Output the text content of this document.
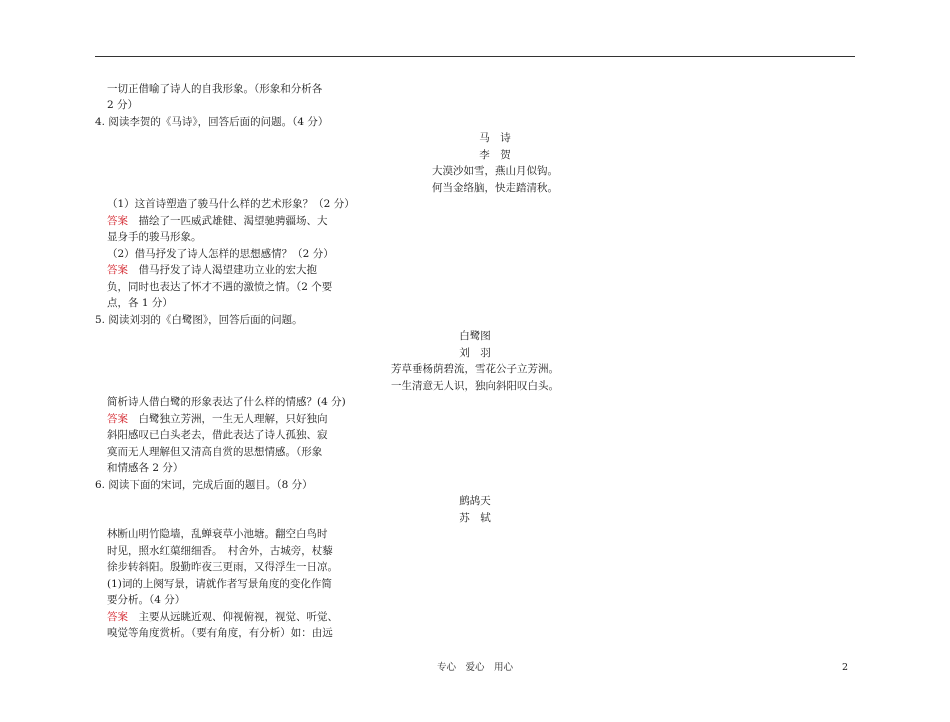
一切正借喻了诗人的自我形象。（形象和分析各
2 分）
4. 阅读李贺的《马诗》，回答后面的问题。（4 分）
马　诗
李　贺
大漠沙如雪，燕山月似钩。
何当金络脑，快走踏清秋。
（1）这首诗塑造了骏马什么样的艺术形象？（2 分）
答案　描绘了一匹威武雄健、渴望驰骋疆场、大
显身手的骏马形象。
（2）借马抒发了诗人怎样的思想感情？（2 分）
答案　借马抒发了诗人渴望建功立业的宏大抱
负，同时也表达了怀才不遇的激愤之情。（2 个要
点，各 1 分）
5. 阅读刘羽的《白鹭图》，回答后面的问题。
白鹭图
刘　羽
芳草垂杨荫碧流，雪花公子立芳洲。
一生清意无人识，独向斜阳叹白头。
简析诗人借白鹭的形象表达了什么样的情感？(4 分)
答案　白鹭独立芳洲，一生无人理解，只好独向
斜阳感叹已白头老去，借此表达了诗人孤独、寂
寞而无人理解但又清高自赏的思想情感。（形象
和情感各 2 分）
6. 阅读下面的宋词，完成后面的题目。（8 分）
鹧鸪天
苏　轼
林断山明竹隐墙，乱蝉衰草小池塘。翻空白鸟时
时见，照水红蕖细细香。　村舍外，古城旁，杖藜
徐步转斜阳。殷勤昨夜三更雨，又得浮生一日凉。
(1)词的上阕写景，请就作者写景角度的变化作简
要分析。（4 分）
答案　主要从远眺近观、仰视俯视，视觉、听觉、
嗅觉等角度赏析。（要有角度，有分析）如：由远
专心　爱心　用心	2
